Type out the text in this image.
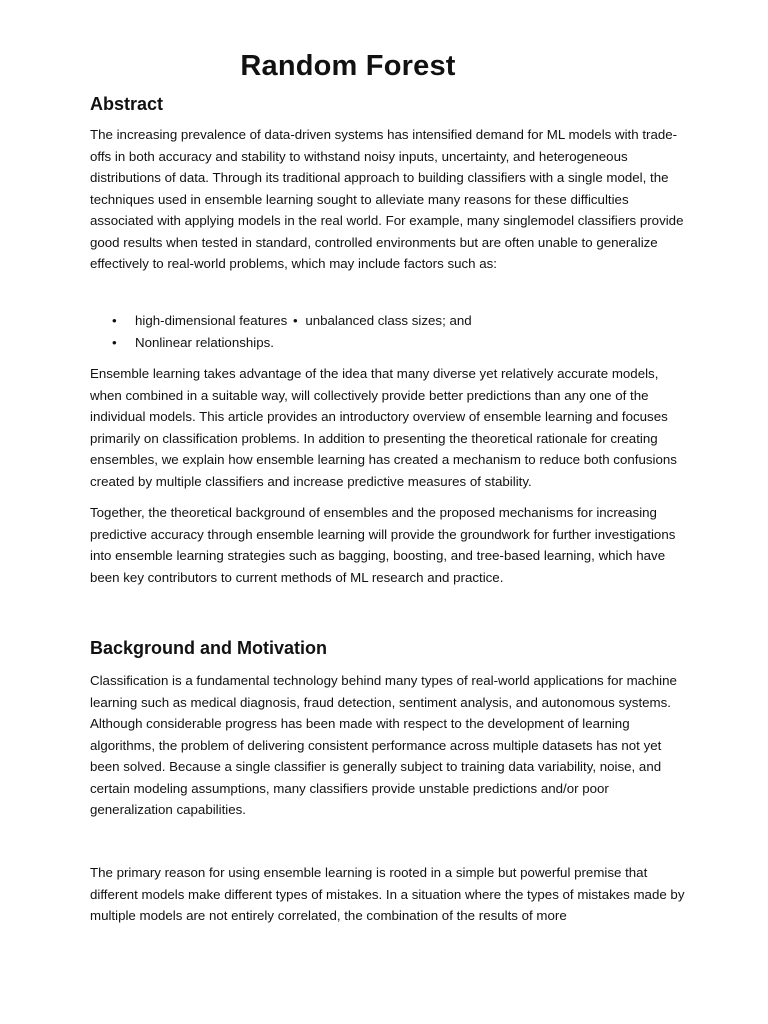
Random Forest
Abstract

The increasing prevalence of data-driven systems has intensified demand for ML models with trade-offs in both accuracy and stability to withstand noisy inputs, uncertainty, and heterogeneous distributions of data. Through its traditional approach to building classifiers with a single model, the techniques used in ensemble learning sought to alleviate many reasons for these difficulties associated with applying models in the real world. For example, many singlemodel classifiers provide good results when tested in standard, controlled environments but are often unable to generalize effectively to real-world problems, which may include factors such as:

• high-dimensional features • unbalanced class sizes; and
• Nonlinear relationships.

Ensemble learning takes advantage of the idea that many diverse yet relatively accurate models, when combined in a suitable way, will collectively provide better predictions than any one of the individual models. This article provides an introductory overview of ensemble learning and focuses primarily on classification problems. In addition to presenting the theoretical rationale for creating ensembles, we explain how ensemble learning has created a mechanism to reduce both confusions created by multiple classifiers and increase predictive measures of stability.

Together, the theoretical background of ensembles and the proposed mechanisms for increasing predictive accuracy through ensemble learning will provide the groundwork for further investigations into ensemble learning strategies such as bagging, boosting, and tree-based learning, which have been key contributors to current methods of ML research and practice.

Background and Motivation

Classification is a fundamental technology behind many types of real-world applications for machine learning such as medical diagnosis, fraud detection, sentiment analysis, and autonomous systems. Although considerable progress has been made with respect to the development of learning algorithms, the problem of delivering consistent performance across multiple datasets has not yet been solved. Because a single classifier is generally subject to training data variability, noise, and certain modeling assumptions, many classifiers provide unstable predictions and/or poor generalization capabilities.

The primary reason for using ensemble learning is rooted in a simple but powerful premise that different models make different types of mistakes. In a situation where the types of mistakes made by multiple models are not entirely correlated, the combination of the results of more
